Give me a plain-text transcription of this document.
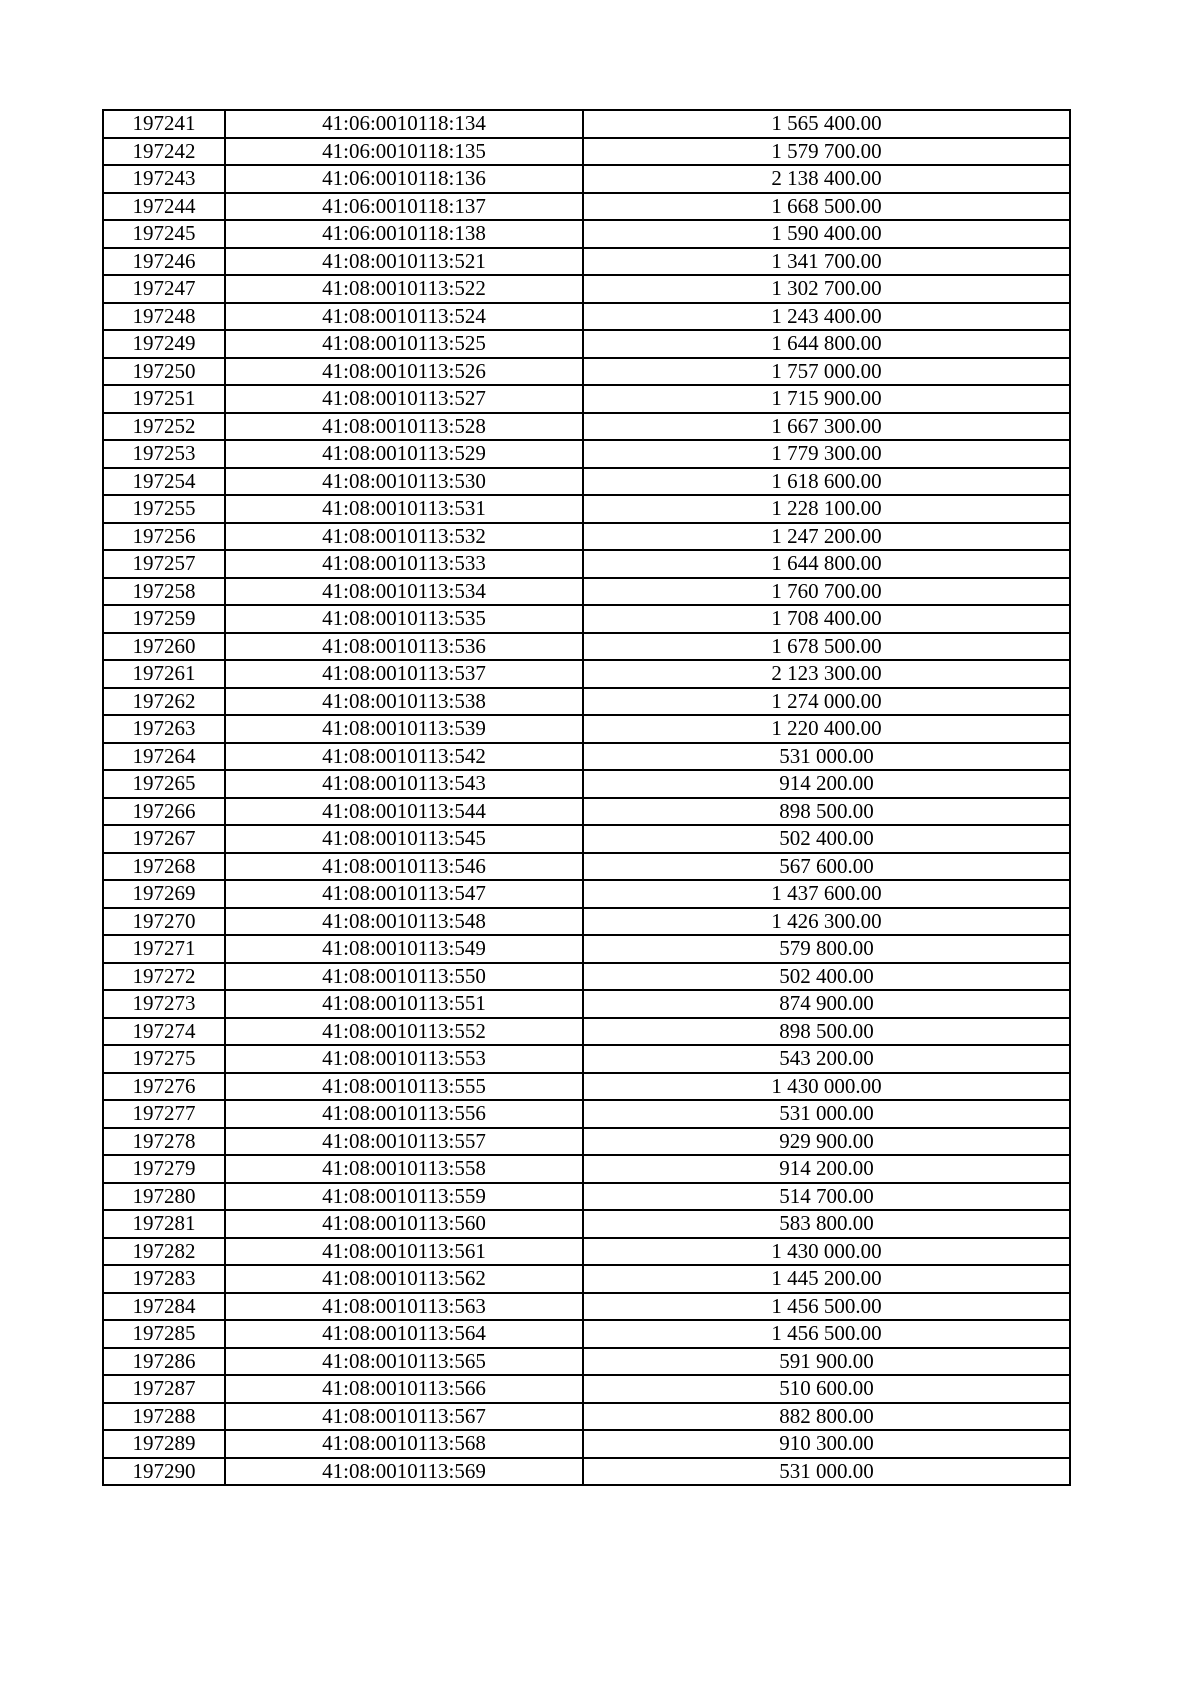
197241	41:06:0010118:134	1 565 400.00
197242	41:06:0010118:135	1 579 700.00
197243	41:06:0010118:136	2 138 400.00
197244	41:06:0010118:137	1 668 500.00
197245	41:06:0010118:138	1 590 400.00
197246	41:08:0010113:521	1 341 700.00
197247	41:08:0010113:522	1 302 700.00
197248	41:08:0010113:524	1 243 400.00
197249	41:08:0010113:525	1 644 800.00
197250	41:08:0010113:526	1 757 000.00
197251	41:08:0010113:527	1 715 900.00
197252	41:08:0010113:528	1 667 300.00
197253	41:08:0010113:529	1 779 300.00
197254	41:08:0010113:530	1 618 600.00
197255	41:08:0010113:531	1 228 100.00
197256	41:08:0010113:532	1 247 200.00
197257	41:08:0010113:533	1 644 800.00
197258	41:08:0010113:534	1 760 700.00
197259	41:08:0010113:535	1 708 400.00
197260	41:08:0010113:536	1 678 500.00
197261	41:08:0010113:537	2 123 300.00
197262	41:08:0010113:538	1 274 000.00
197263	41:08:0010113:539	1 220 400.00
197264	41:08:0010113:542	531 000.00
197265	41:08:0010113:543	914 200.00
197266	41:08:0010113:544	898 500.00
197267	41:08:0010113:545	502 400.00
197268	41:08:0010113:546	567 600.00
197269	41:08:0010113:547	1 437 600.00
197270	41:08:0010113:548	1 426 300.00
197271	41:08:0010113:549	579 800.00
197272	41:08:0010113:550	502 400.00
197273	41:08:0010113:551	874 900.00
197274	41:08:0010113:552	898 500.00
197275	41:08:0010113:553	543 200.00
197276	41:08:0010113:555	1 430 000.00
197277	41:08:0010113:556	531 000.00
197278	41:08:0010113:557	929 900.00
197279	41:08:0010113:558	914 200.00
197280	41:08:0010113:559	514 700.00
197281	41:08:0010113:560	583 800.00
197282	41:08:0010113:561	1 430 000.00
197283	41:08:0010113:562	1 445 200.00
197284	41:08:0010113:563	1 456 500.00
197285	41:08:0010113:564	1 456 500.00
197286	41:08:0010113:565	591 900.00
197287	41:08:0010113:566	510 600.00
197288	41:08:0010113:567	882 800.00
197289	41:08:0010113:568	910 300.00
197290	41:08:0010113:569	531 000.00
